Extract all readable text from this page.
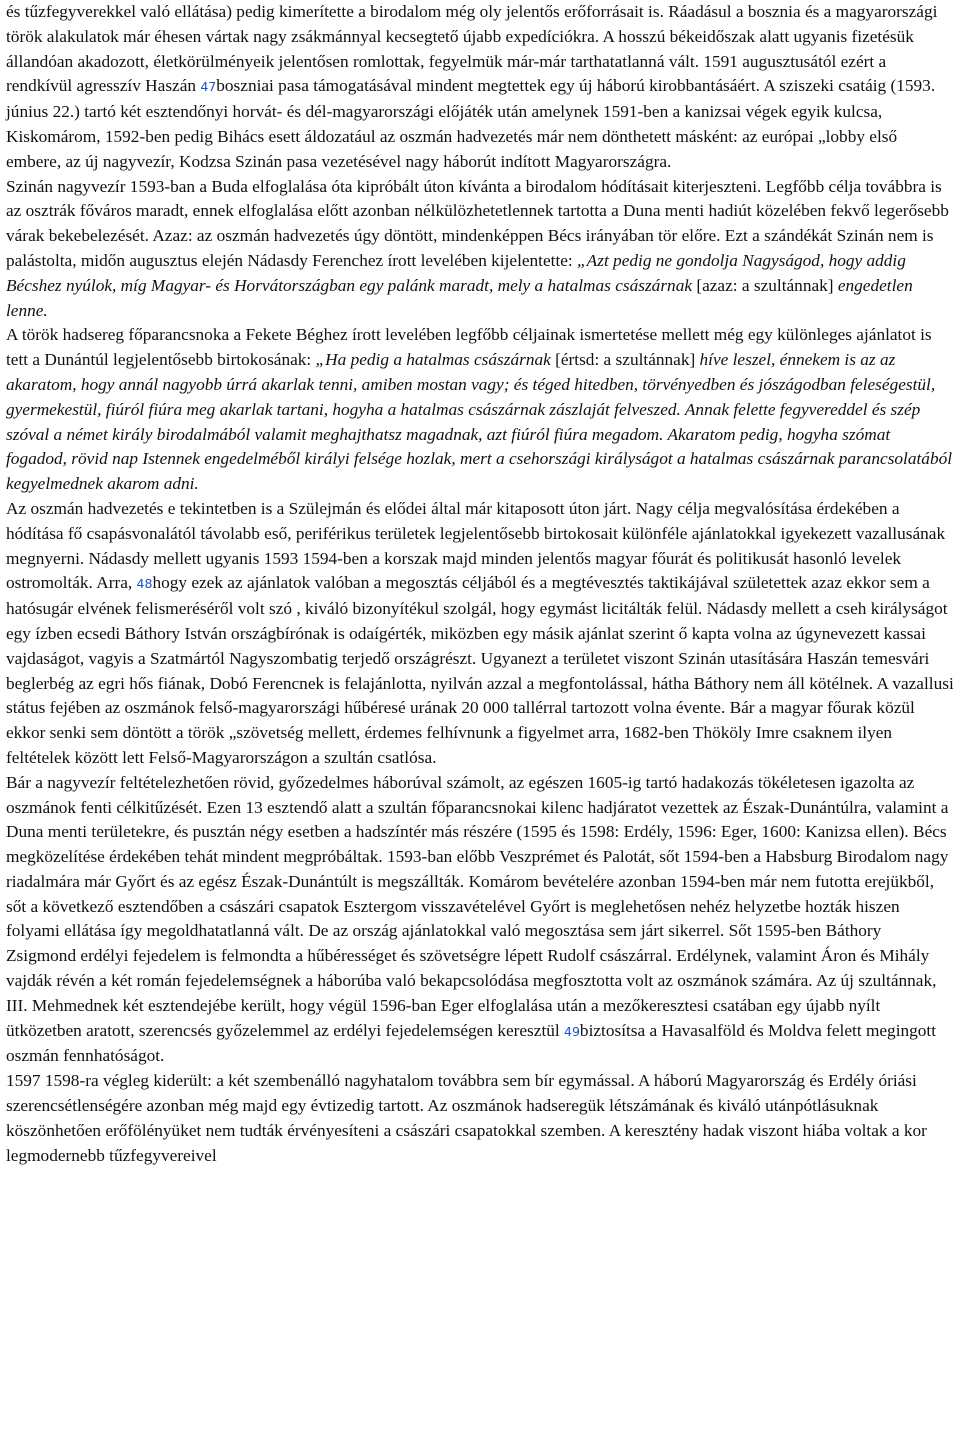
és tűzfegyverekkel való ellátása) pedig kimerítette a birodalom még oly jelentős erőforrásait is. Ráadásul a bosznia és a magyarországi török alakulatok már éhesen vártak nagy zsákmánnyal kecsegtető újabb expedíciókra. A hosszú békeidőszak alatt ugyanis fizetésük állandóan akadozott, életkörülményeik jelentősen romlottak, fegyelmük már-már tarthatatlanná vált. 1591 augusztusától ezért a rendkívül agresszív Haszán 47boszniai pasa támogatásával mindent megtettek egy új háború kirobbantásáért. A sziszeki csatáig (1593. június 22.) tartó két esztendőnyi horvát- és dél-magyarországi előjáték után amelynek 1591-ben a kanizsai végek egyik kulcsa, Kiskomárom, 1592-ben pedig Bihács esett áldozatául az oszmán hadvezetés már nem dönthetett másként: az európai „lobby első embere, az új nagyvezír, Kodzsa Szinán pasa vezetésével nagy háborút indított Magyarországra.

Szinán nagyvezír 1593-ban a Buda elfoglalása óta kipróbált úton kívánta a birodalom hódításait kiterjeszteni. Legfőbb célja továbbra is az osztrák főváros maradt, ennek elfoglalása előtt azonban nélkülözhetetlennek tartotta a Duna menti hadiút közelében fekvő legerősebb várak bekebelezését. Azaz: az oszmán hadvezetés úgy döntött, mindenképpen Bécs irányában tör előre. Ezt a szándékát Szinán nem is palástolta, midőn augusztus elején Nádasdy Ferenchez írott levelében kijelentette: „Azt pedig ne gondolja Nagyságod, hogy addig Bécshez nyúlok, míg Magyar- és Horvátországban egy palánk maradt, mely a hatalmas császárnak [azaz: a szultánnak] engedetlen lenne.

A török hadsereg főparancsnoka a Fekete Béghez írott levelében legfőbb céljainak ismertetése mellett még egy különleges ajánlatot is tett a Dunántúl legjelentősebb birtokosának: „Ha pedig a hatalmas császárnak [értsd: a szultánnak] híve leszel, énnekem is az az akaratom, hogy annál nagyobb úrrá akarlak tenni, amiben mostan vagy; és téged hitedben, törvényedben és jószágodban feleségestül, gyermekestül, fiúról fiúra meg akarlak tartani, hogyha a hatalmas császárnak zászlaját felveszed. Annak felette fegyvereddel és szép szóval a német király birodalmából valamit meghajthatsz magadnak, azt fiúról fiúra megadom. Akaratom pedig, hogyha szómat fogadod, rövid nap Istennek engedelméből királyi felsége hozlak, mert a csehországi királyságot a hatalmas császárnak parancsolatából kegyelmednek akarom adni.

Az oszmán hadvezetés e tekintetben is a Szülejmán és elődei által már kitaposott úton járt. Nagy célja megvalósítása érdekében a hódítása fő csapásvonalától távolabb eső, periférikus területek legjelentősebb birtokosait különféle ajánlatokkal igyekezett vazallusának megnyerni. Nádasdy mellett ugyanis 1593 1594-ben a korszak majd minden jelentős magyar főurát és politikusát hasonló levelek ostromolták. Arra, 48hogy ezek az ajánlatok valóban a megosztás céljából és a megtévesztés taktikájával születettek azaz ekkor sem a hatósugár elvének felismeréséről volt szó , kiváló bizonyítékul szolgál, hogy egymást licitálták felül. Nádasdy mellett a cseh királyságot egy ízben ecsedi Báthory István országbírónak is odaígérték, miközben egy másik ajánlat szerint ő kapta volna az úgynevezett kassai vajdaságot, vagyis a Szatmártól Nagyszombatig terjedő országrészt. Ugyanezt a területet viszont Szinán utasítására Haszán temesvári beglerbég az egri hős fiának, Dobó Ferencnek is felajánlotta, nyilván azzal a megfontolással, hátha Báthory nem áll kötélnek. A vazallusi státus fejében az oszmánok felső-magyarországi hűbéresé urának 20 000 tallérral tartozott volna évente. Bár a magyar főurak közül ekkor senki sem döntött a török „szövetség mellett, érdemes felhívnunk a figyelmet arra, 1682-ben Thököly Imre csaknem ilyen feltételek között lett Felső-Magyarországon a szultán csatlósa.

Bár a nagyvezír feltételezhetően rövid, győzedelmes háborúval számolt, az egészen 1605-ig tartó hadakozás tökéletesen igazolta az oszmánok fenti célkitűzését. Ezen 13 esztendő alatt a szultán főparancsnokai kilenc hadjáratot vezettek az Észak-Dunántúlra, valamint a Duna menti területekre, és pusztán négy esetben a hadszíntér más részére (1595 és 1598: Erdély, 1596: Eger, 1600: Kanizsa ellen). Bécs megközelítése érdekében tehát mindent megpróbáltak. 1593-ban előbb Veszprémet és Palotát, sőt 1594-ben a Habsburg Birodalom nagy riadalmára már Győrt és az egész Észak-Dunántúlt is megszállták. Komárom bevételére azonban 1594-ben már nem futotta erejükből, sőt a következő esztendőben a császári csapatok Esztergom visszavételével Győrt is meglehetősen nehéz helyzetbe hozták hiszen folyami ellátása így megoldhatatlanná vált. De az ország ajánlatokkal való megosztása sem járt sikerrel. Sőt 1595-ben Báthory Zsigmond erdélyi fejedelem is felmondta a hűbérességet és szövetségre lépett Rudolf császárral. Erdélynek, valamint Áron és Mihály vajdák révén a két román fejedelemségnek a háborúba való bekapcsolódása megfosztotta volt az oszmánok számára. Az új szultánnak, III. Mehmednek két esztendejébe került, hogy végül 1596-ban Eger elfoglalása után a mezőkeresztesi csatában egy újabb nyílt ütközetben aratott, szerencsés győzelemmel az erdélyi fejedelemségen keresztül 49biztosítsa a Havasalföld és Moldva felett megingott oszmán fennhatóságot.

1597 1598-ra végleg kiderült: a két szembenálló nagyhatalom továbbra sem bír egymással. A háború Magyarország és Erdély óriási szerencsétlenségére azonban még majd egy évtizedig tartott. Az oszmánok hadseregük létszámának és kiváló utánpótlásuknak köszönhetően erőfölényüket nem tudták érvényesíteni a császári csapatokkal szemben. A keresztény hadak viszont hiába voltak a kor legmodernebb tűzfegyvereivel
